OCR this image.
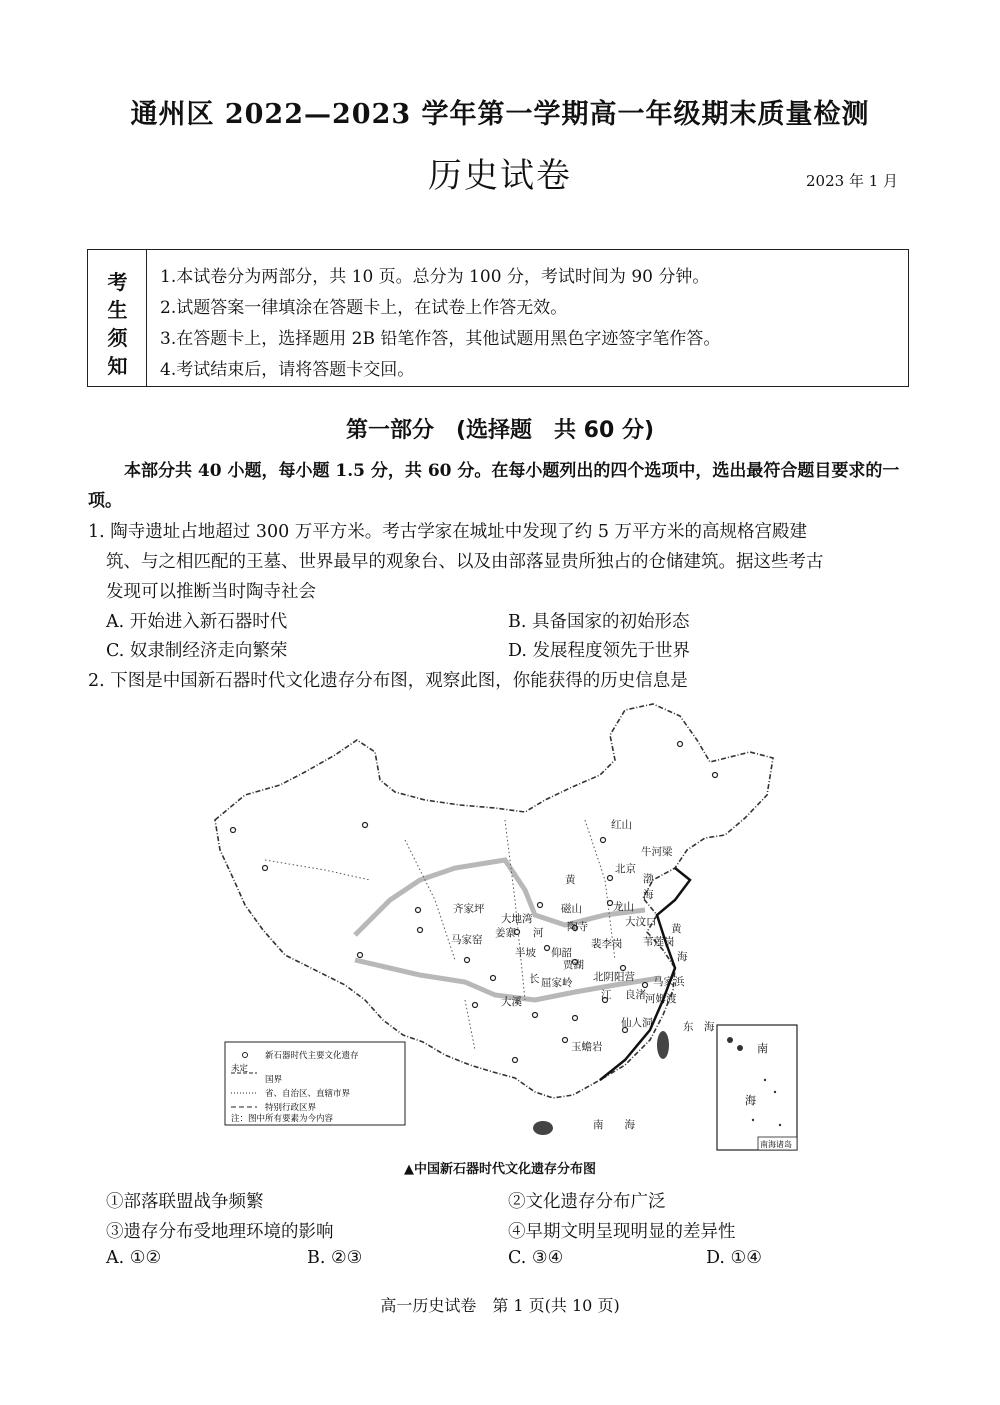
通州区 2022—2023 学年第一学期高一年级期末质量检测
历史试卷	2023 年 1 月
考
生
须
知
1.本试卷分为两部分，共 10 页。总分为 100 分，考试时间为 90 分钟。
2.试题答案一律填涂在答题卡上，在试卷上作答无效。
3.在答题卡上，选择题用 2B 铅笔作答，其他试题用黑色字迹签字笔作答。
4.考试结束后，请将答题卡交回。
第一部分　(选择题　共 60 分)
本部分共 40 小题，每小题 1.5 分，共 60 分。在每小题列出的四个选项中，选出最符合题目要求的一项。
1. 陶寺遗址占地超过 300 万平方米。考古学家在城址中发现了约 5 万平方米的高规格宫殿建
筑、与之相匹配的王墓、世界最早的观象台、以及由部落显贵所独占的仓储建筑。据这些考古
发现可以推断当时陶寺社会
A. 开始进入新石器时代	B. 具备国家的初始形态
C. 奴隶制经济走向繁荣	D. 发展程度领先于世界
2. 下图是中国新石器时代文化遗存分布图，观察此图，你能获得的历史信息是
红山
牛河梁
北京
黄
齐家坪
大地湾
磁山	龙山
马家窑
姜寨 河 陶寺	大汶口
半坡 仰韶
裴李岗 苇莲岗
贾湖
长 屈家岭 北阴阳营 马家浜
大溪
江 良渚 河姆渡
仙人洞
玉蟾岩
渤
海
黄
海
东　海
南　　海
南
海
南海诸岛
新石器时代主要文化遗存
未定
国界
省、自治区、直辖市界
特别行政区界
注：图中所有要素为今内容
▲中国新石器时代文化遗存分布图
①部落联盟战争频繁	②文化遗存分布广泛
③遗存分布受地理环境的影响	④早期文明呈现明显的差异性
A. ①②	B. ②③	C. ③④	D. ①④
高一历史试卷　第 1 页(共 10 页)
